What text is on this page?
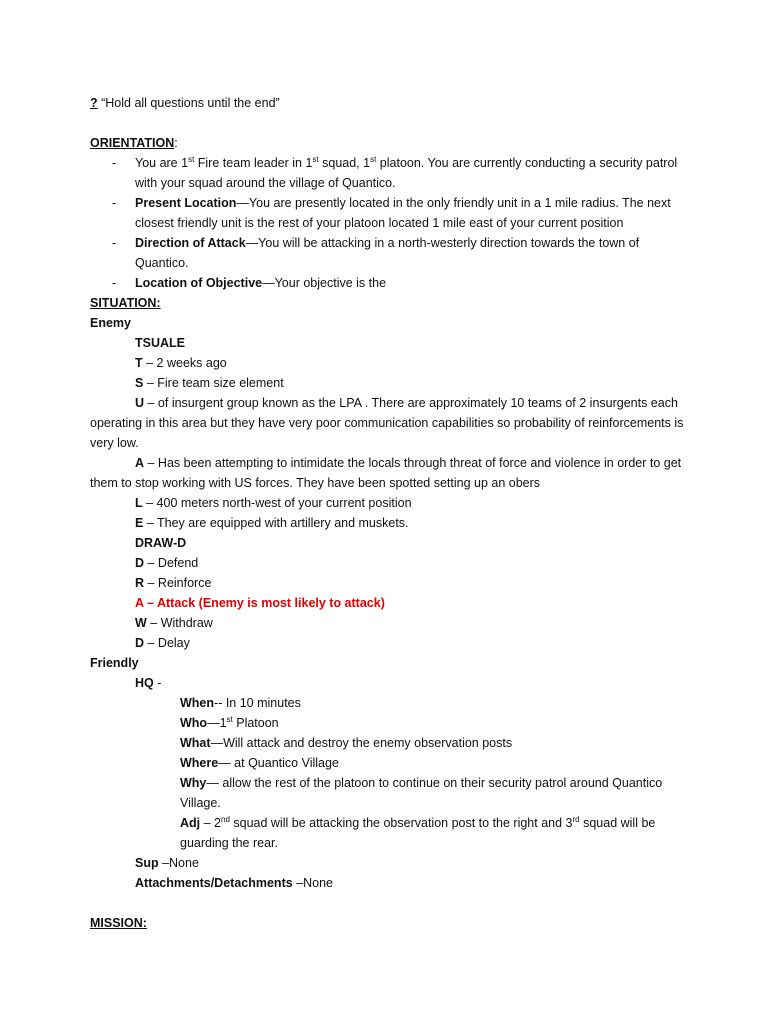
? “Hold all questions until the end”
ORIENTATION:
- You are 1st Fire team leader in 1st squad, 1st platoon. You are currently conducting a security patrol with your squad around the village of Quantico.
- Present Location—You are presently located in the only friendly unit in a 1 mile radius. The next closest friendly unit is the rest of your platoon located 1 mile east of your current position
- Direction of Attack—You will be attacking in a north-westerly direction towards the town of Quantico.
- Location of Objective—Your objective is the
SITUATION:
Enemy
TSUALE
T – 2 weeks ago
S – Fire team size element
U – of insurgent group known as the LPA . There are approximately 10 teams of 2 insurgents each operating in this area but they have very poor communication capabilities so probability of reinforcements is very low.
A – Has been attempting to intimidate the locals through threat of force and violence in order to get them to stop working with US forces. They have been spotted setting up an obers
L – 400 meters north-west of your current position
E – They are equipped with artillery and muskets.
DRAW-D
D – Defend
R – Reinforce
A – Attack (Enemy is most likely to attack)
W – Withdraw
D – Delay
Friendly
HQ -
When-- In 10 minutes
Who—1st Platoon
What—Will attack and destroy the enemy observation posts
Where— at Quantico Village
Why— allow the rest of the platoon to continue on their security patrol around Quantico Village.
Adj – 2nd squad will be attacking the observation post to the right and 3rd squad will be guarding the rear.
Sup –None
Attachments/Detachments –None
MISSION:
